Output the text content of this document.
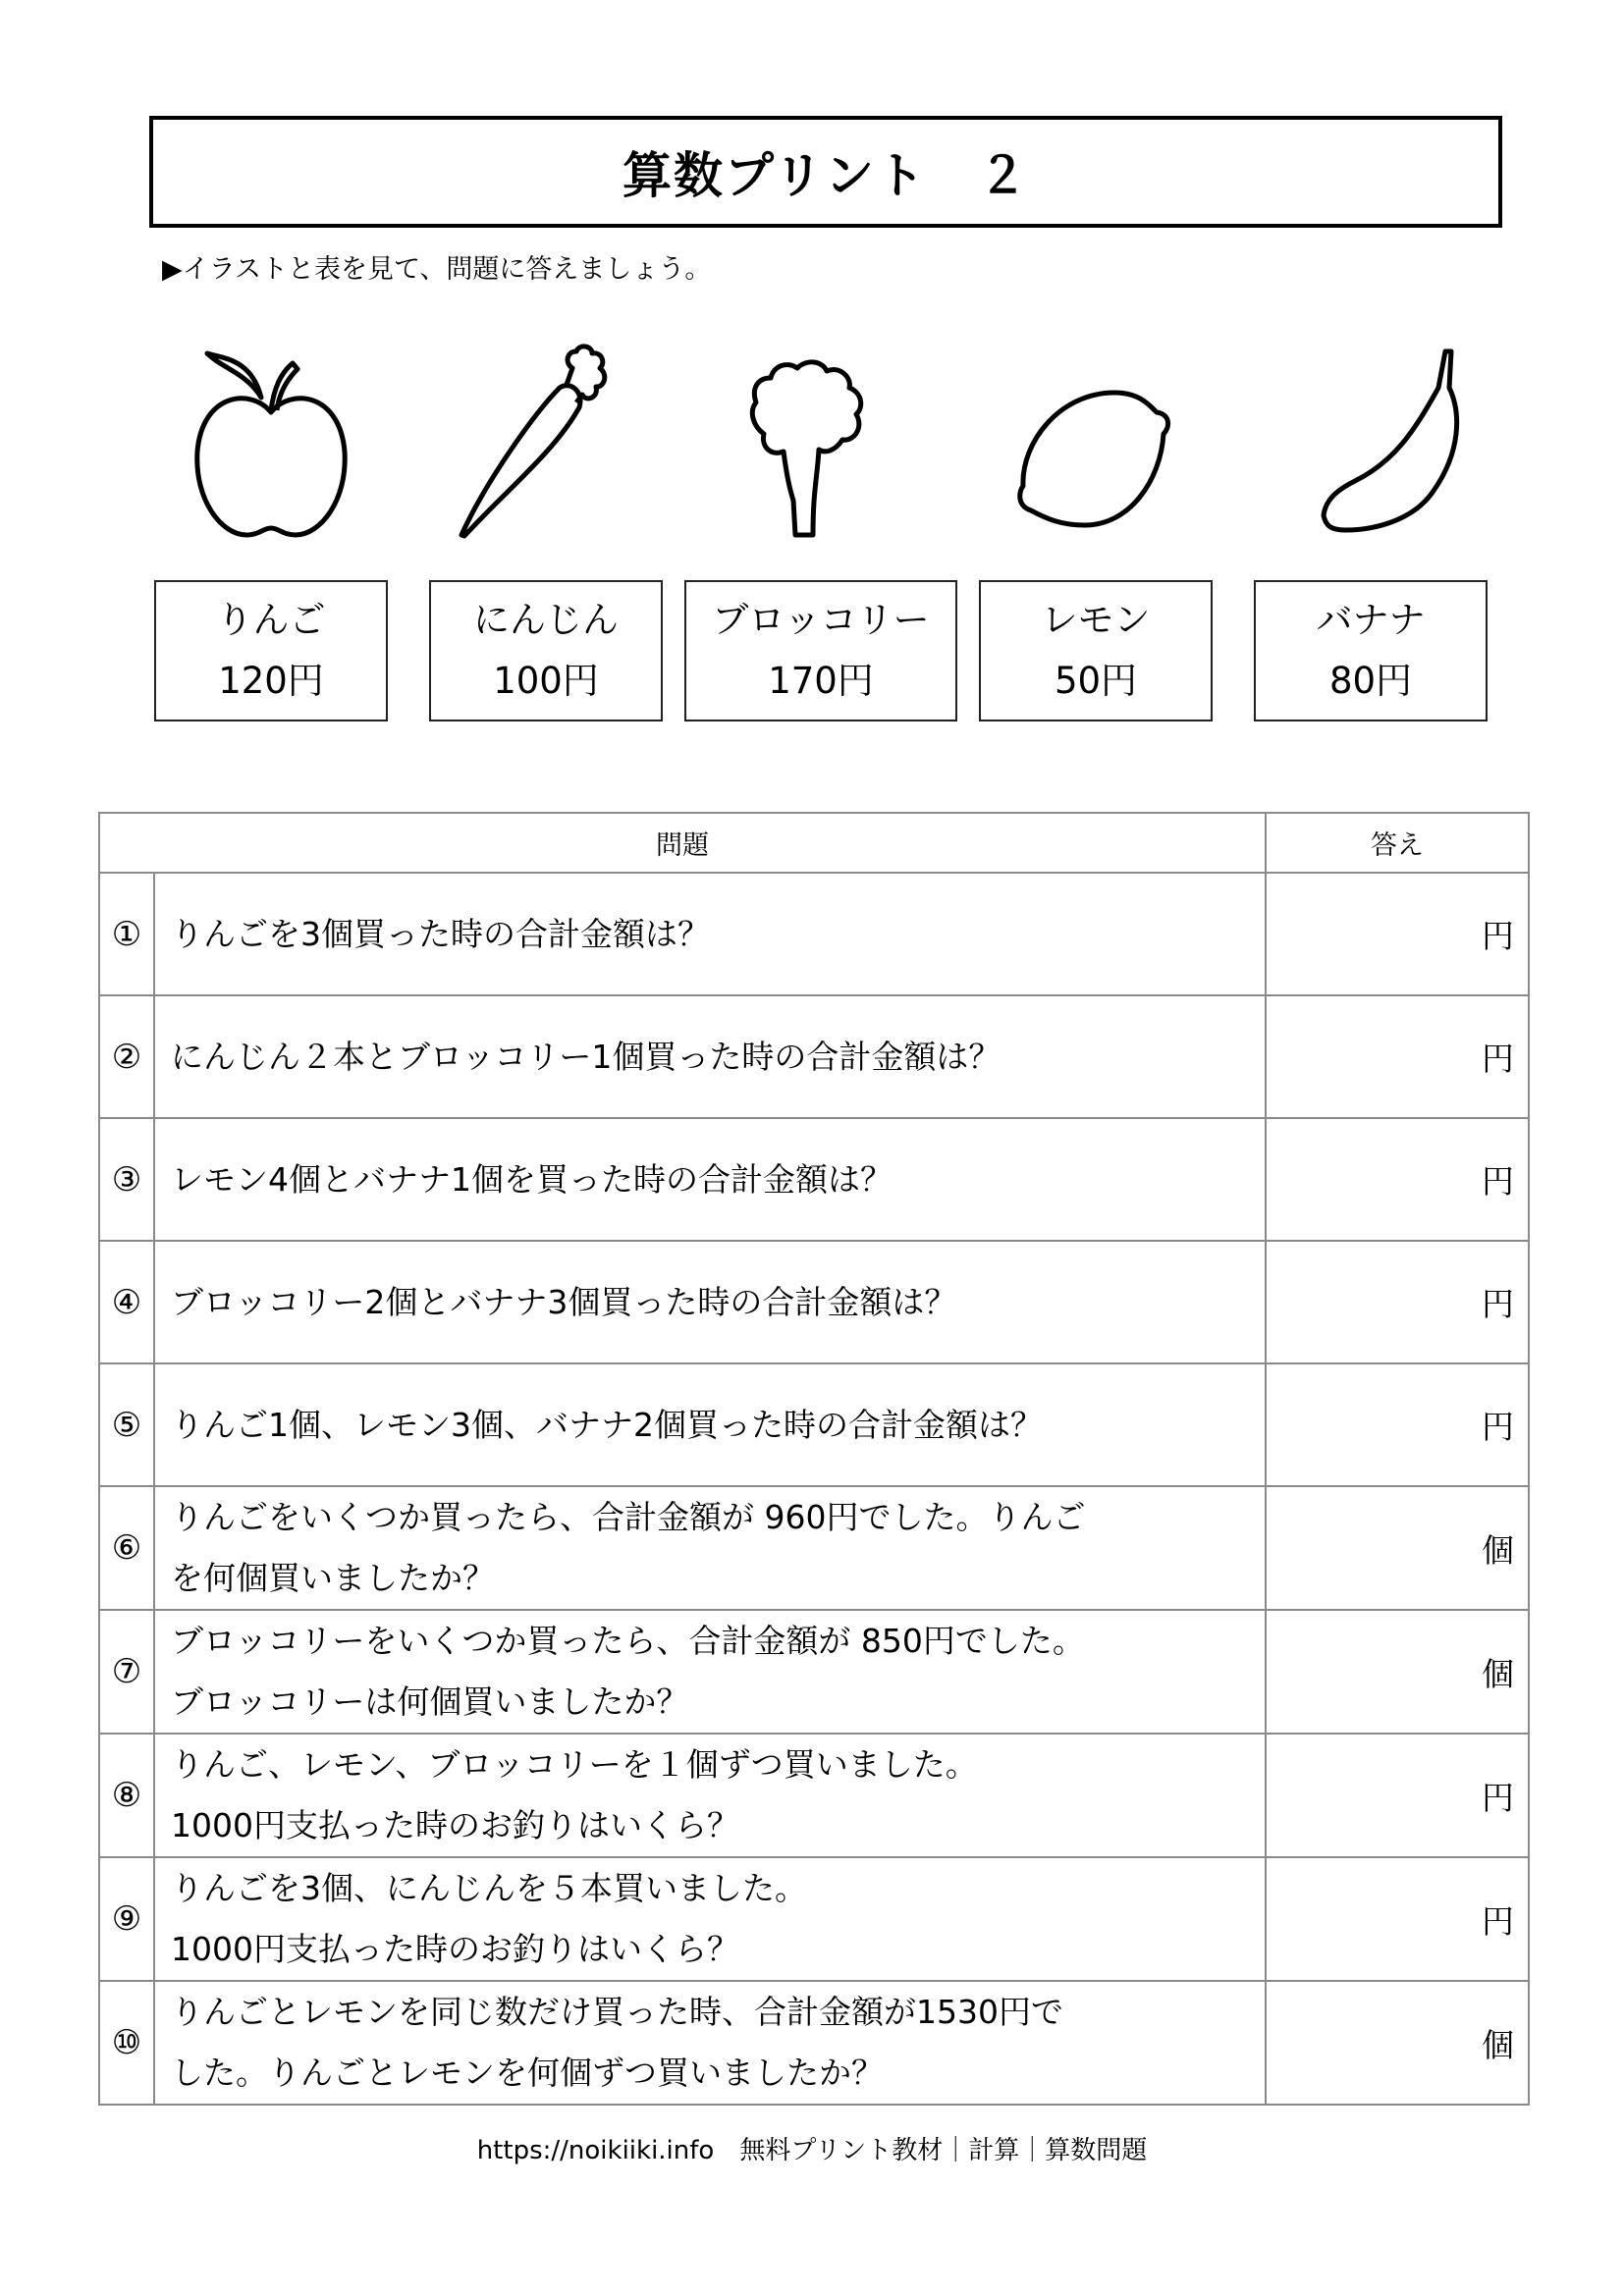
算数プリント　２
▶イラストと表を見て、問題に答えましょう。
りんご
120円
にんじん
100円
ブロッコリー
170円
レモン
50円
バナナ
80円
問題		答え
①	りんごを3個買った時の合計金額は？	円
②	にんじん２本とブロッコリー1個買った時の合計金額は？	円
③	レモン4個とバナナ1個を買った時の合計金額は？	円
④	ブロッコリー2個とバナナ3個買った時の合計金額は？	円
⑤	りんご1個、レモン3個、バナナ2個買った時の合計金額は？	円
⑥	りんごをいくつか買ったら、合計金額が 960円でした。りんご
を何個買いましたか？	個
⑦	ブロッコリーをいくつか買ったら、合計金額が 850円でした。
ブロッコリーは何個買いましたか？	個
⑧	りんご、レモン、ブロッコリーを１個ずつ買いました。
1000円支払った時のお釣りはいくら？	円
⑨	りんごを3個、にんじんを５本買いました。
1000円支払った時のお釣りはいくら？	円
⑩	りんごとレモンを同じ数だけ買った時、合計金額が1530円で
した。りんごとレモンを何個ずつ買いましたか？	個
https://noikiiki.info　無料プリント教材｜計算｜算数問題
